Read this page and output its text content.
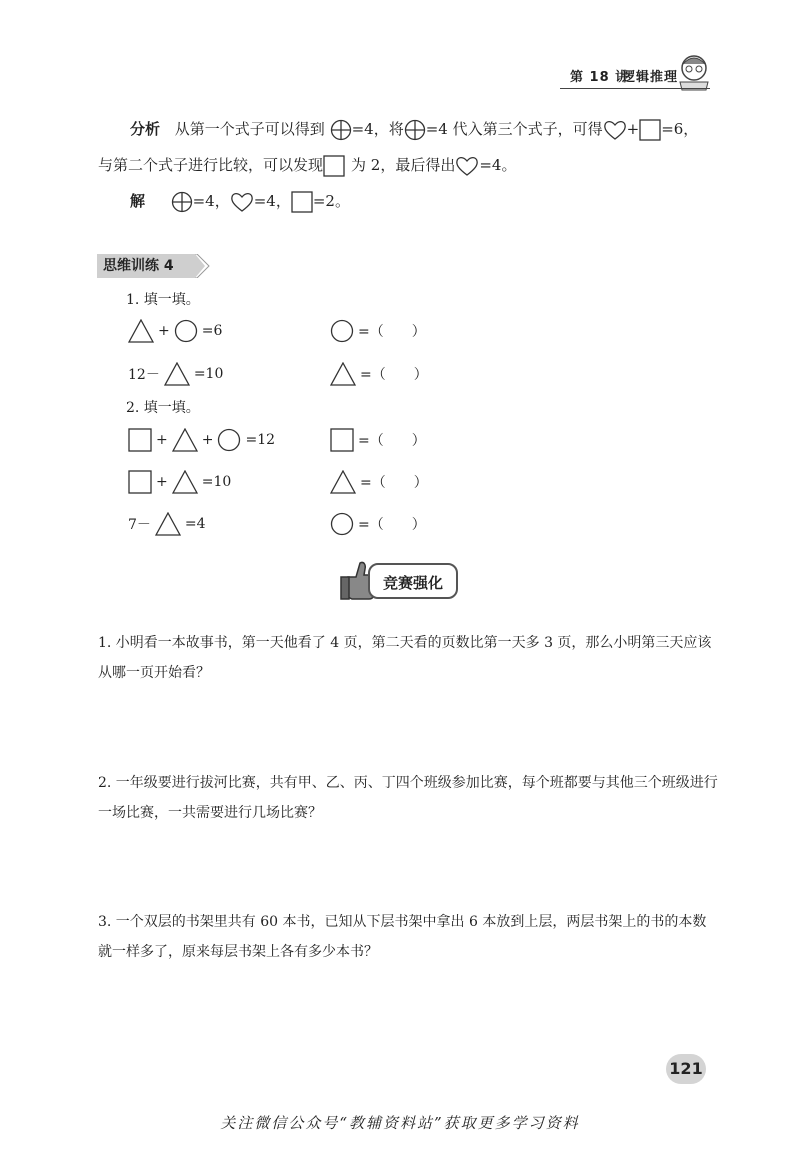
第 18 讲
逻辑推理
分析 从第一个式子可以得到 =4，将 =4 代入第三个式子，可得 + =6，
与第二个式子进行比较，可以发现 为 2，最后得出 =4。
解	=4， =4， =2。
思维训练 4
1. 填一填。
+ =6	=（　　）
12－ =10	=（　　）
2. 填一填。
+ + =12	=（　　）
+ =10	=（　　）
7－ =4	=（　　）
竞赛强化
1. 小明看一本故事书，第一天他看了 4 页，第二天看的页数比第一天多 3 页，那么小明第三天应该从哪一页开始看？
2. 一年级要进行拔河比赛，共有甲、乙、丙、丁四个班级参加比赛，每个班都要与其他三个班级进行一场比赛，一共需要进行几场比赛？
3. 一个双层的书架里共有 60 本书，已知从下层书架中拿出 6 本放到上层，两层书架上的书的本数就一样多了，原来每层书架上各有多少本书？
121
关注微信公众号“教辅资料站”获取更多学习资料
